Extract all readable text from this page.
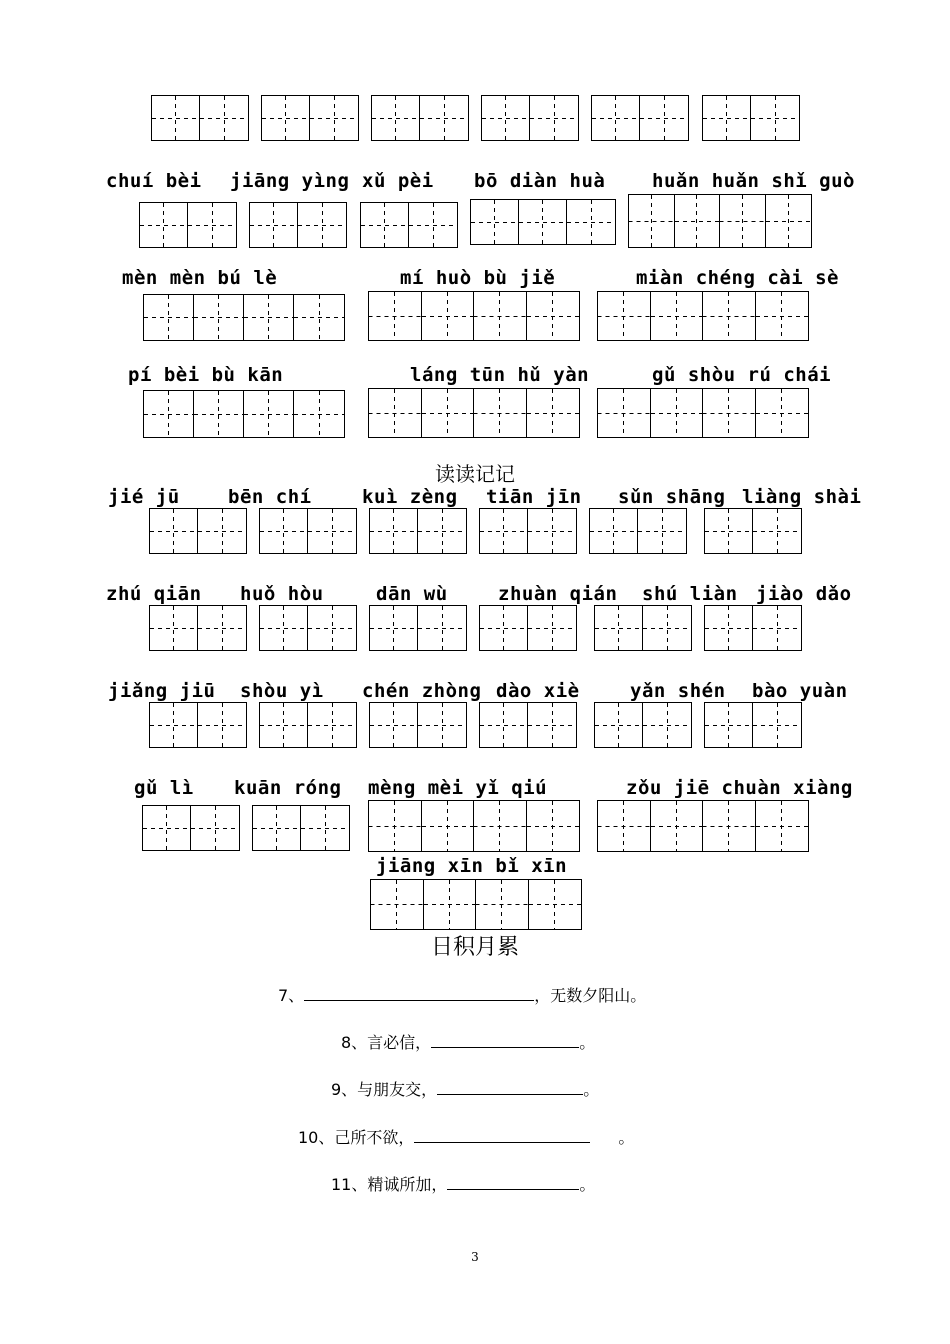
chuí bèi jiāng yìng xǔ pèi bō diàn huà huǎn huǎn shǐ guò
mèn mèn bú lè	mí huò bù jiě	miàn chéng cài sè
pí bèi bù kān	láng tūn hǔ yàn	gǔ shòu rú chái
读读记记
jié jū	bēn chí	kuì zèng tiān jīn sǔn shāng liàng shài
zhú qiān huǒ hòu	dān wù	zhuàn qián shú liàn jiào dǎo
jiǎng jiū shòu yì chén zhòng dào xiè	yǎn shén bào yuàn
gǔ lì kuān róng mèng mèi yǐ qiú	zǒu jiē chuàn xiàng
jiāng xīn bǐ xīn
日积月累
7、	，无数夕阳山。
8、言必信，	。
9、与朋友交，	。
10、己所不欲，	。
11、精诚所加，	。
3
